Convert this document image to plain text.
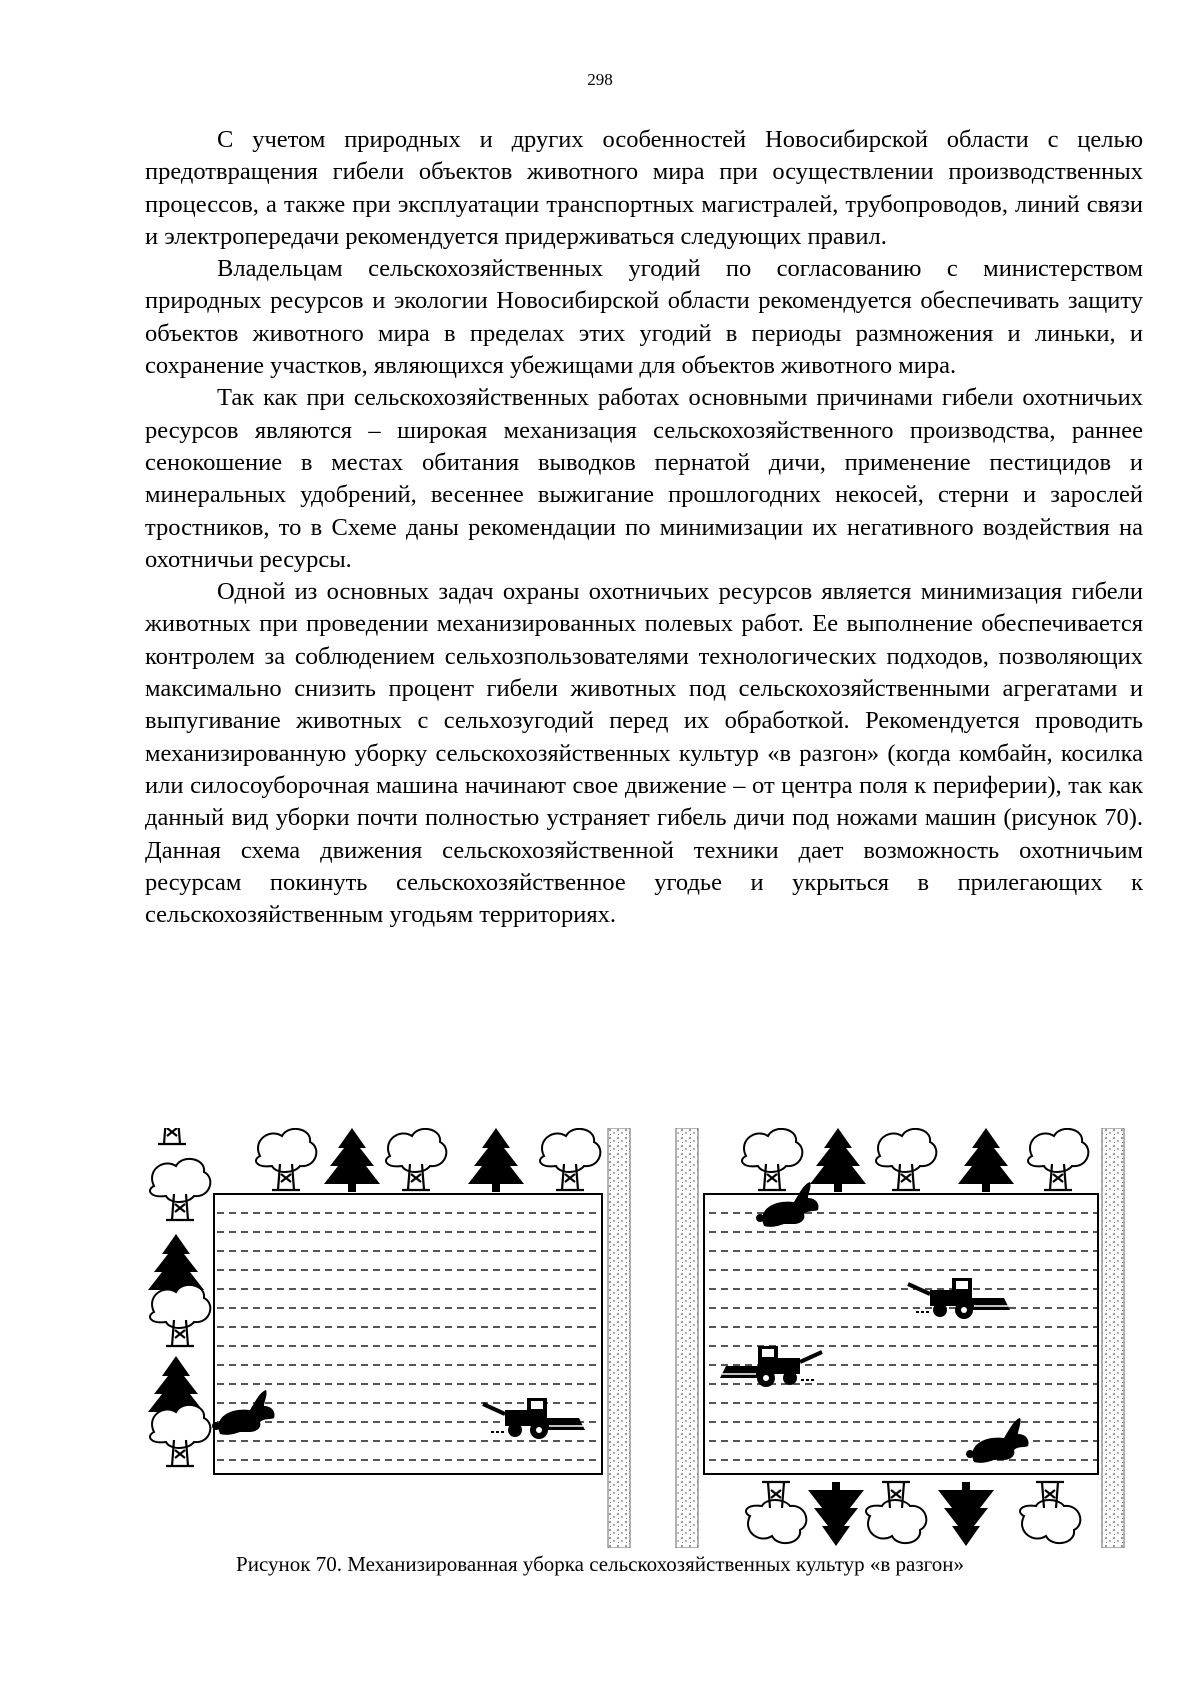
298

С учетом природных и других особенностей Новосибирской области с целью предотвращения гибели объектов животного мира при осуществлении производственных процессов, а также при эксплуатации транспортных магистралей, трубопроводов, линий связи и электропередачи рекомендуется придерживаться следующих правил.

Владельцам сельскохозяйственных угодий по согласованию с министерством природных ресурсов и экологии Новосибирской области рекомендуется обеспечивать защиту объектов животного мира в пределах этих угодий в периоды размножения и линьки, и сохранение участков, являющихся убежищами для объектов животного мира.

Так как при сельскохозяйственных работах основными причинами гибели охотничьих ресурсов являются – широкая механизация сельскохозяйственного производства, раннее сенокошение в местах обитания выводков пернатой дичи, применение пестицидов и минеральных удобрений, весеннее выжигание прошлогодних некосей, стерни и зарослей тростников, то в Схеме даны рекомендации по минимизации их негативного воздействия на охотничьи ресурсы.

Одной из основных задач охраны охотничьих ресурсов является минимизация гибели животных при проведении механизированных полевых работ. Ее выполнение обеспечивается контролем за соблюдением сельхозпользователями технологических подходов, позволяющих максимально снизить процент гибели животных под сельскохозяйственными агрегатами и выпугивание животных с сельхозугодий перед их обработкой. Рекомендуется проводить механизированную уборку сельскохозяйственных культур «в разгон» (когда комбайн, косилка или силосоуборочная машина начинают свое движение – от центра поля к периферии), так как данный вид уборки почти полностью устраняет гибель дичи под ножами машин (рисунок 70). Данная схема движения сельскохозяйственной техники дает возможность охотничьим ресурсам покинуть сельскохозяйственное угодье и укрыться в прилегающих к сельскохозяйственным угодьям территориях.

Рисунок 70. Механизированная уборка сельскохозяйственных культур «в разгон»
